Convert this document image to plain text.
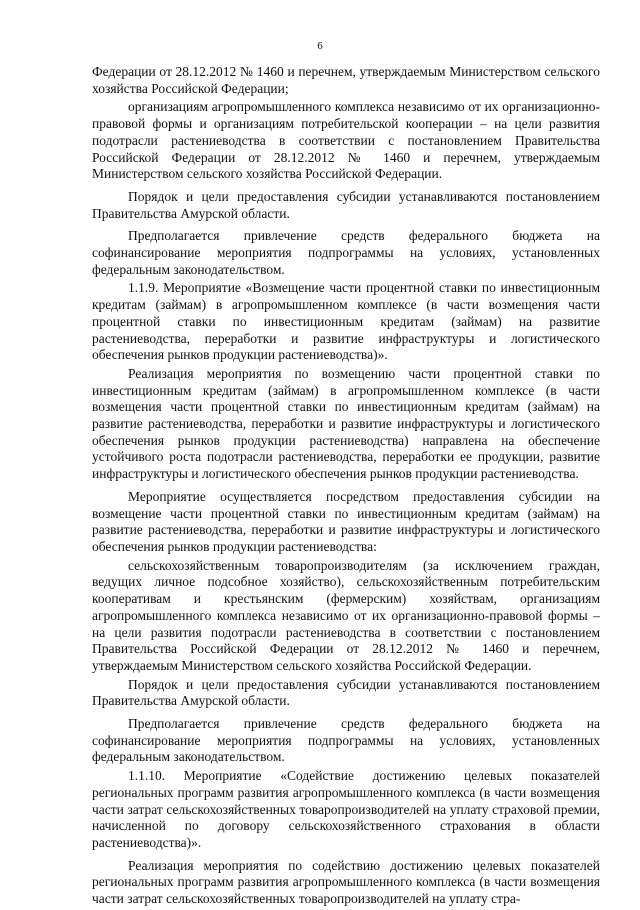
6

Федерации от 28.12.2012 № 1460 и перечнем, утверждаемым Министерством сельского хозяйства Российской Федерации;

организациям агропромышленного комплекса независимо от их организационно-правовой формы и организациям потребительской кооперации – на цели развития подотрасли растениеводства в соответствии с постановлением Правительства Российской Федерации от 28.12.2012 № 1460 и перечнем, утверждаемым Министерством сельского хозяйства Российской Федерации.

Порядок и цели предоставления субсидии устанавливаются постановлением Правительства Амурской области.

Предполагается привлечение средств федерального бюджета на софинансирование мероприятия подпрограммы на условиях, установленных федеральным законодательством.

1.1.9. Мероприятие «Возмещение части процентной ставки по инвестиционным кредитам (займам) в агропромышленном комплексе (в части возмещения части процентной ставки по инвестиционным кредитам (займам) на развитие растениеводства, переработки и развитие инфраструктуры и логистического обеспечения рынков продукции растениеводства)».

Реализация мероприятия по возмещению части процентной ставки по инвестиционным кредитам (займам) в агропромышленном комплексе (в части возмещения части процентной ставки по инвестиционным кредитам (займам) на развитие растениеводства, переработки и развитие инфраструктуры и логистического обеспечения рынков продукции растениеводства) направлена на обеспечение устойчивого роста подотрасли растениеводства, переработки ее продукции, развитие инфраструктуры и логистического обеспечения рынков продукции растениеводства.

Мероприятие осуществляется посредством предоставления субсидии на возмещение части процентной ставки по инвестиционным кредитам (займам) на развитие растениеводства, переработки и развитие инфраструктуры и логистического обеспечения рынков продукции растениеводства:

сельскохозяйственным товаропроизводителям (за исключением граждан, ведущих личное подсобное хозяйство), сельскохозяйственным потребительским кооперативам и крестьянским (фермерским) хозяйствам, организациям агропромышленного комплекса независимо от их организационно-правовой формы – на цели развития подотрасли растениеводства в соответствии с постановлением Правительства Российской Федерации от 28.12.2012 № 1460 и перечнем, утверждаемым Министерством сельского хозяйства Российской Федерации.

Порядок и цели предоставления субсидии устанавливаются постановлением Правительства Амурской области.

Предполагается привлечение средств федерального бюджета на софинансирование мероприятия подпрограммы на условиях, установленных федеральным законодательством.

1.1.10. Мероприятие «Содействие достижению целевых показателей региональных программ развития агропромышленного комплекса (в части возмещения части затрат сельскохозяйственных товаропроизводителей на уплату страховой премии, начисленной по договору сельскохозяйственного страхования в области растениеводства)».

Реализация мероприятия по содействию достижению целевых показателей региональных программ развития агропромышленного комплекса (в части возмещения части затрат сельскохозяйственных товаропроизводителей на уплату стра-
